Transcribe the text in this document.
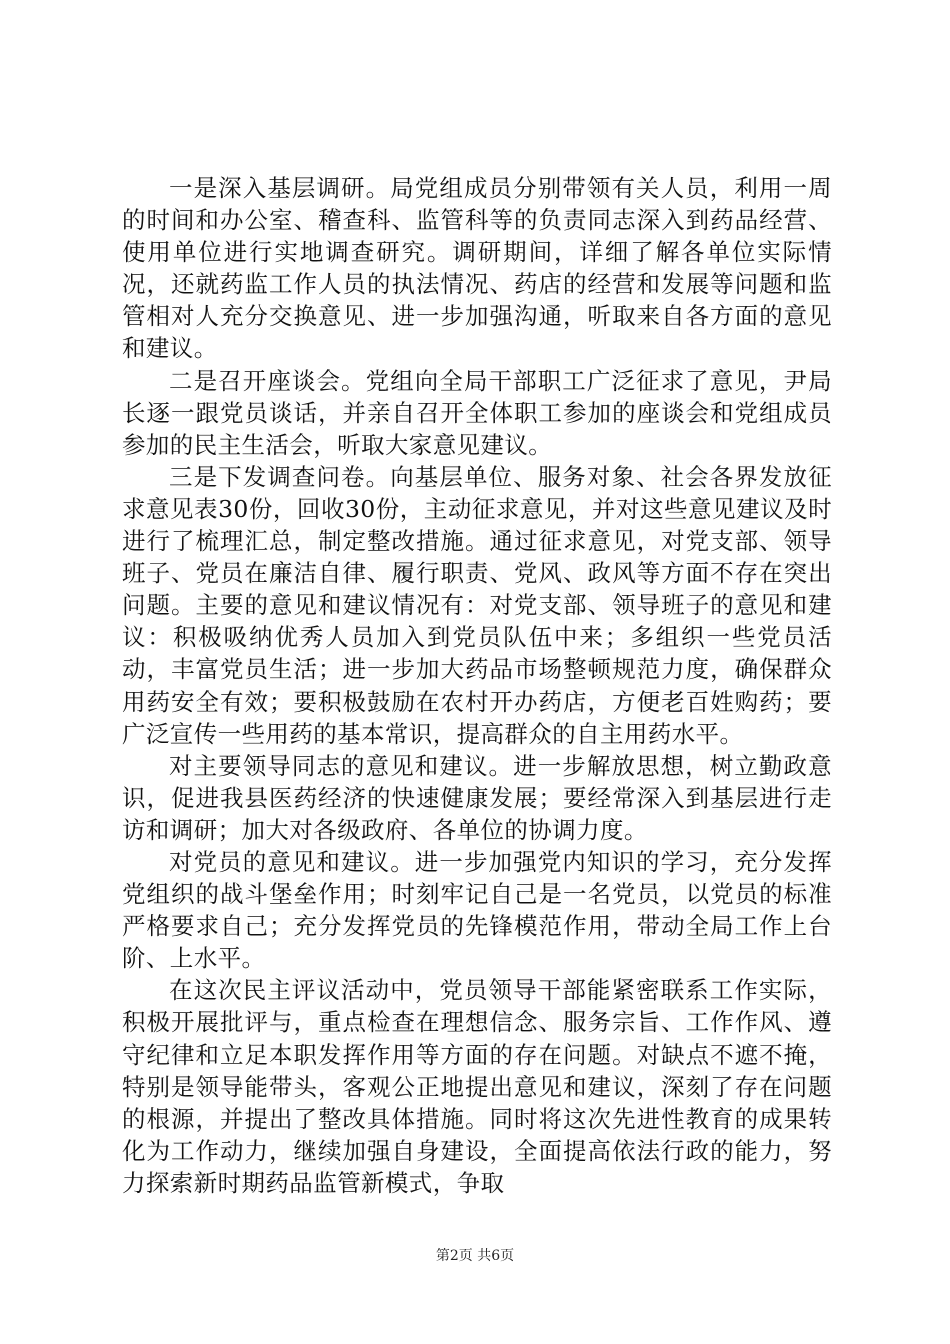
一是深入基层调研。局党组成员分别带领有关人员，利用一周的时间和办公室、稽查科、监管科等的负责同志深入到药品经营、使用单位进行实地调查研究。调研期间，详细了解各单位实际情况，还就药监工作人员的执法情况、药店的经营和发展等问题和监管相对人充分交换意见、进一步加强沟通，听取来自各方面的意见和建议。

二是召开座谈会。党组向全局干部职工广泛征求了意见，尹局长逐一跟党员谈话，并亲自召开全体职工参加的座谈会和党组成员参加的民主生活会，听取大家意见建议。

三是下发调查问卷。向基层单位、服务对象、社会各界发放征求意见表30份，回收30份，主动征求意见，并对这些意见建议及时进行了梳理汇总，制定整改措施。通过征求意见，对党支部、领导班子、党员在廉洁自律、履行职责、党风、政风等方面不存在突出问题。主要的意见和建议情况有：对党支部、领导班子的意见和建议：积极吸纳优秀人员加入到党员队伍中来；多组织一些党员活动，丰富党员生活；进一步加大药品市场整顿规范力度，确保群众用药安全有效；要积极鼓励在农村开办药店，方便老百姓购药；要广泛宣传一些用药的基本常识，提高群众的自主用药水平。

对主要领导同志的意见和建议。进一步解放思想，树立勤政意识，促进我县医药经济的快速健康发展；要经常深入到基层进行走访和调研；加大对各级政府、各单位的协调力度。

对党员的意见和建议。进一步加强党内知识的学习，充分发挥党组织的战斗堡垒作用；时刻牢记自己是一名党员，以党员的标准严格要求自己；充分发挥党员的先锋模范作用，带动全局工作上台阶、上水平。

在这次民主评议活动中，党员领导干部能紧密联系工作实际，积极开展批评与，重点检查在理想信念、服务宗旨、工作作风、遵守纪律和立足本职发挥作用等方面的存在问题。对缺点不遮不掩，特别是领导能带头，客观公正地提出意见和建议，深刻了存在问题的根源，并提出了整改具体措施。同时将这次先进性教育的成果转化为工作动力，继续加强自身建设，全面提高依法行政的能力，努力探索新时期药品监管新模式，争取

第2页 共6页
